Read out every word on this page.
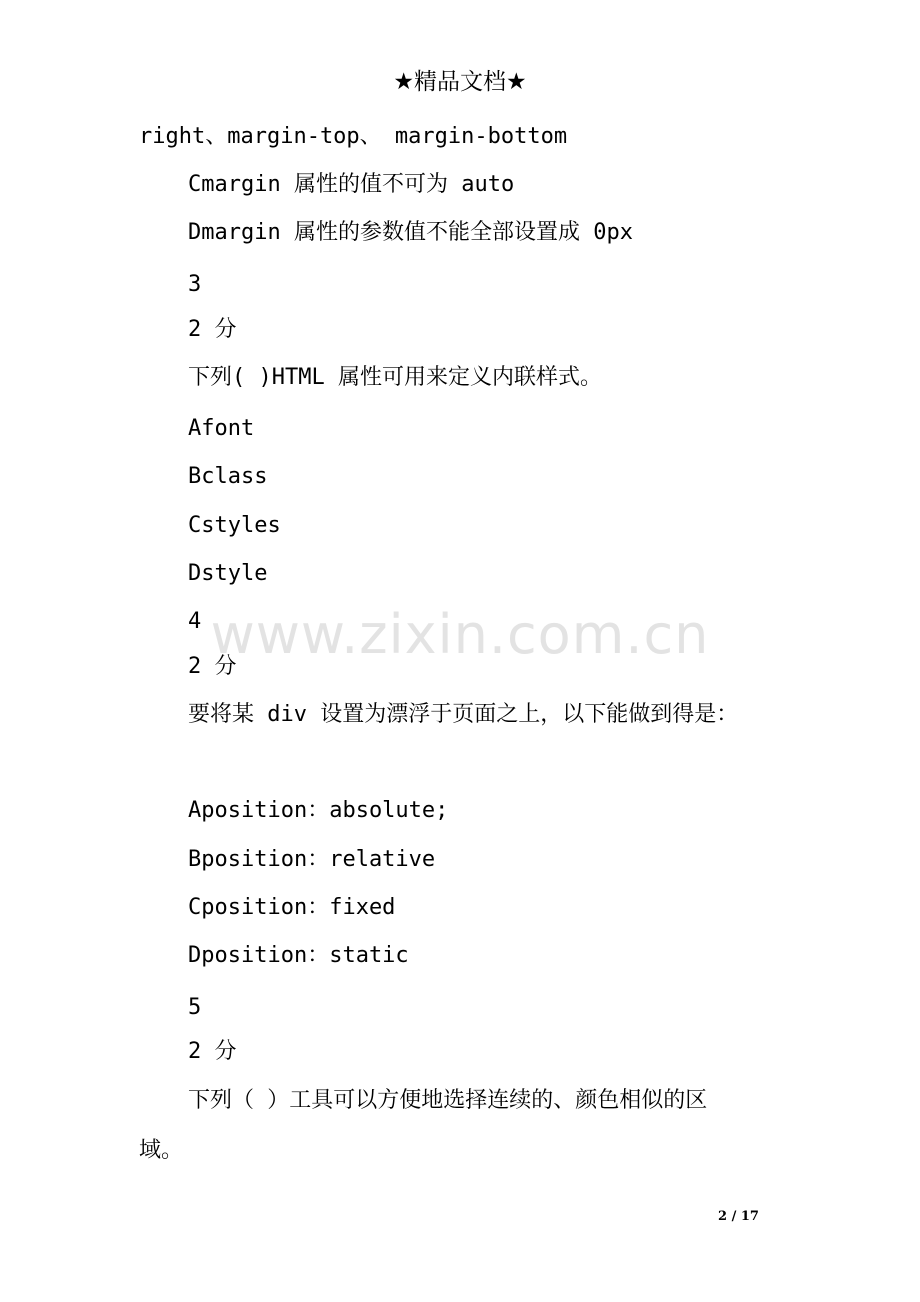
★精品文档★
www.zixin.com.cn
right、margin-top、 margin-bottom
Cmargin 属性的值不可为 auto
Dmargin 属性的参数值不能全部设置成 0px
3
2 分
下列( )HTML 属性可用来定义内联样式。
Afont
Bclass
Cstyles
Dstyle
4
2 分
要将某 div 设置为漂浮于页面之上，以下能做到得是：
Aposition：absolute;
Bposition：relative
Cposition：fixed
Dposition：static
5
2 分
下列（ ）工具可以方便地选择连续的、颜色相似的区
域。
2 / 17
